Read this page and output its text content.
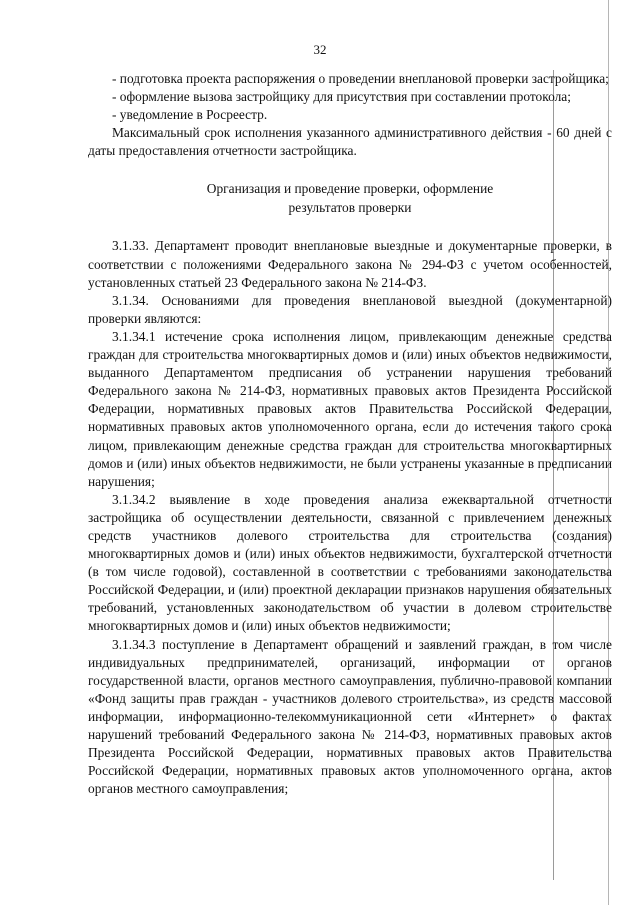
32

- подготовка проекта распоряжения о проведении внеплановой проверки застройщика;

- оформление вызова застройщику для присутствия при составлении протокола;

- уведомление в Росреестр.

Максимальный срок исполнения указанного административного действия - 60 дней с даты предоставления отчетности застройщика.

Организация и проведение проверки, оформление
результатов проверки

3.1.33. Департамент проводит внеплановые выездные и документарные проверки, в соответствии с положениями Федерального закона № 294-ФЗ с учетом особенностей, установленных статьей 23 Федерального закона № 214-ФЗ.

3.1.34. Основаниями для проведения внеплановой выездной (документарной) проверки являются:

3.1.34.1 истечение срока исполнения лицом, привлекающим денежные средства граждан для строительства многоквартирных домов и (или) иных объектов недвижимости, выданного Департаментом предписания об устранении нарушения требований Федерального закона № 214-ФЗ, нормативных правовых актов Президента Российской Федерации, нормативных правовых актов Правительства Российской Федерации, нормативных правовых актов уполномоченного органа, если до истечения такого срока лицом, привлекающим денежные средства граждан для строительства многоквартирных домов и (или) иных объектов недвижимости, не были устранены указанные в предписании нарушения;

3.1.34.2 выявление в ходе проведения анализа ежеквартальной отчетности застройщика об осуществлении деятельности, связанной с привлечением денежных средств участников долевого строительства для строительства (создания) многоквартирных домов и (или) иных объектов недвижимости, бухгалтерской отчетности (в том числе годовой), составленной в соответствии с требованиями законодательства Российской Федерации, и (или) проектной декларации признаков нарушения обязательных требований, установленных законодательством об участии в долевом строительстве многоквартирных домов и (или) иных объектов недвижимости;

3.1.34.3 поступление в Департамент обращений и заявлений граждан, в том числе индивидуальных предпринимателей, организаций, информации от органов государственной власти, органов местного самоуправления, публично-правовой компании «Фонд защиты прав граждан - участников долевого строительства», из средств массовой информации, информационно-телекоммуникационной сети «Интернет» о фактах нарушений требований Федерального закона № 214-ФЗ, нормативных правовых актов Президента Российской Федерации, нормативных правовых актов Правительства Российской Федерации, нормативных правовых актов уполномоченного органа, актов органов местного самоуправления;
